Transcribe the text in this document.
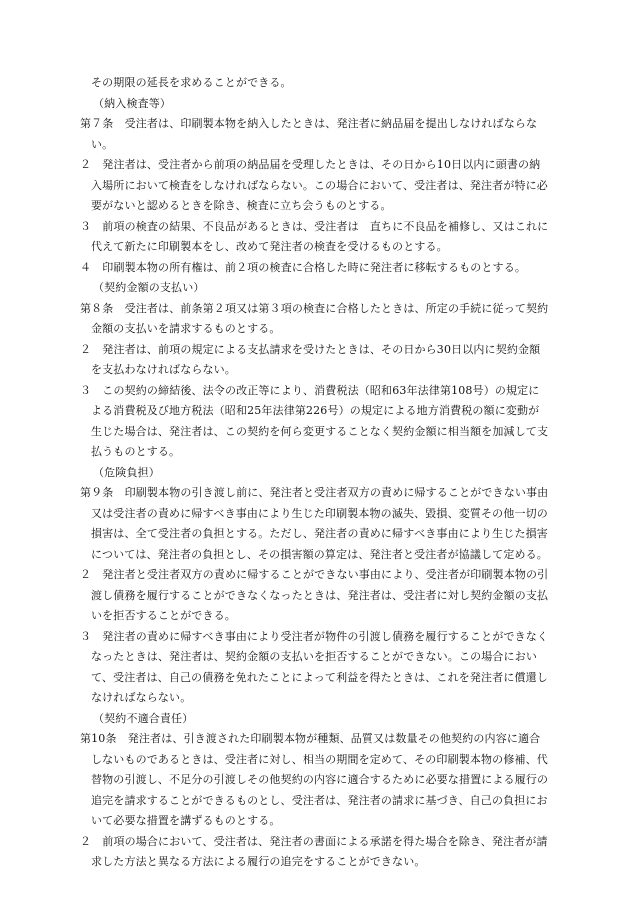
その期限の延長を求めることができる。
（納入検査等）
第７条　受注者は、印刷製本物を納入したときは、発注者に納品届を提出しなければならない。
２　発注者は、受注者から前項の納品届を受理したときは、その日から10日以内に頭書の納入場所において検査をしなければならない。この場合において、受注者は、発注者が特に必要がないと認めるときを除き、検査に立ち会うものとする。
３　前項の検査の結果、不良品があるときは、受注者は　直ちに不良品を補修し、又はこれに代えて新たに印刷製本をし、改めて発注者の検査を受けるものとする。
４　印刷製本物の所有権は、前２項の検査に合格した時に発注者に移転するものとする。
（契約金額の支払い）
第８条　受注者は、前条第２項又は第３項の検査に合格したときは、所定の手続に従って契約金額の支払いを請求するものとする。
２　発注者は、前項の規定による支払請求を受けたときは、その日から30日以内に契約金額を支払わなければならない。
３　この契約の締結後、法令の改正等により、消費税法（昭和63年法律第108号）の規定による消費税及び地方税法（昭和25年法律第226号）の規定による地方消費税の額に変動が生じた場合は、発注者は、この契約を何ら変更することなく契約金額に相当額を加減して支払うものとする。
（危険負担）
第９条　印刷製本物の引き渡し前に、発注者と受注者双方の責めに帰することができない事由又は受注者の責めに帰すべき事由により生じた印刷製本物の滅失、毀損、変質その他一切の損害は、全て受注者の負担とする。ただし、発注者の責めに帰すべき事由により生じた損害については、発注者の負担とし、その損害額の算定は、発注者と受注者が協議して定める。
２　発注者と受注者双方の責めに帰することができない事由により、受注者が印刷製本物の引渡し債務を履行することができなくなったときは、発注者は、受注者に対し契約金額の支払いを拒否することができる。
３　発注者の責めに帰すべき事由により受注者が物件の引渡し債務を履行することができなくなったときは、発注者は、契約金額の支払いを拒否することができない。この場合において、受注者は、自己の債務を免れたことによって利益を得たときは、これを発注者に償還しなければならない。
（契約不適合責任）
第10条　発注者は、引き渡された印刷製本物が種類、品質又は数量その他契約の内容に適合しないものであるときは、受注者に対し、相当の期間を定めて、その印刷製本物の修補、代替物の引渡し、不足分の引渡しその他契約の内容に適合するために必要な措置による履行の追完を請求することができるものとし、受注者は、発注者の請求に基づき、自己の負担において必要な措置を講ずるものとする。
２　前項の場合において、受注者は、発注者の書面による承諾を得た場合を除き、発注者が請求した方法と異なる方法による履行の追完をすることができない。
